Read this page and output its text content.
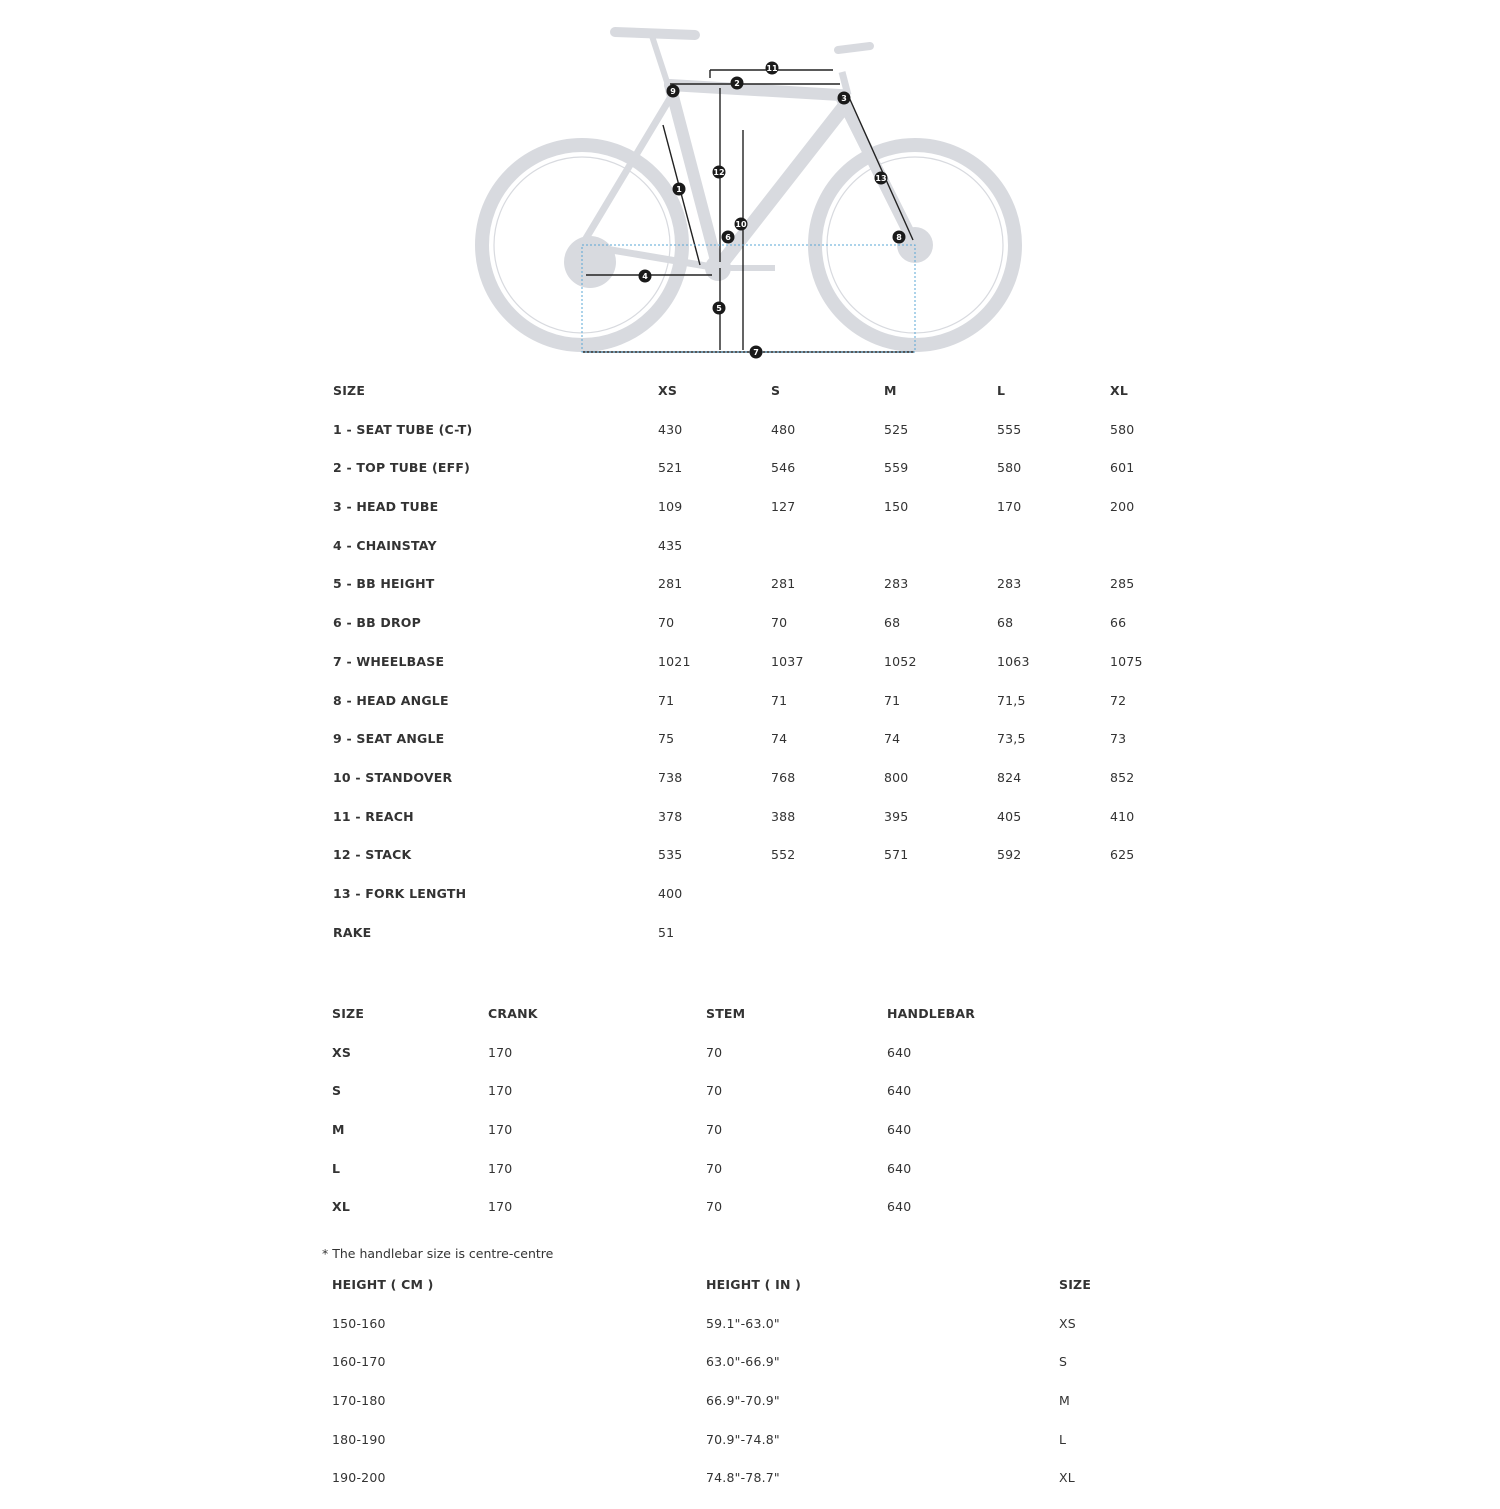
1
2
3
4
5
6
7
8
9
10
11
12
13
SIZE	XS	S	M	L	XL
1 - SEAT TUBE (C-T)	430	480	525	555	580
2 - TOP TUBE (EFF)	521	546	559	580	601
3 - HEAD TUBE	109	127	150	170	200
4 - CHAINSTAY	435
5 - BB HEIGHT	281	281	283	283	285
6 - BB DROP	70	70	68	68	66
7 - WHEELBASE	1021	1037	1052	1063	1075
8 - HEAD ANGLE	71	71	71	71,5	72
9 - SEAT ANGLE	75	74	74	73,5	73
10 - STANDOVER	738	768	800	824	852
11 - REACH	378	388	395	405	410
12 - STACK	535	552	571	592	625
13 - FORK LENGTH	400
RAKE	51
SIZE	CRANK	STEM	HANDLEBAR
XS	170	70	640
S	170	70	640
M	170	70	640
L	170	70	640
XL	170	70	640
* The handlebar size is centre-centre
HEIGHT ( CM )	HEIGHT ( IN )	SIZE
150-160	59.1"-63.0"	XS
160-170	63.0"-66.9"	S
170-180	66.9"-70.9"	M
180-190	70.9"-74.8"	L
190-200	74.8"-78.7"	XL
